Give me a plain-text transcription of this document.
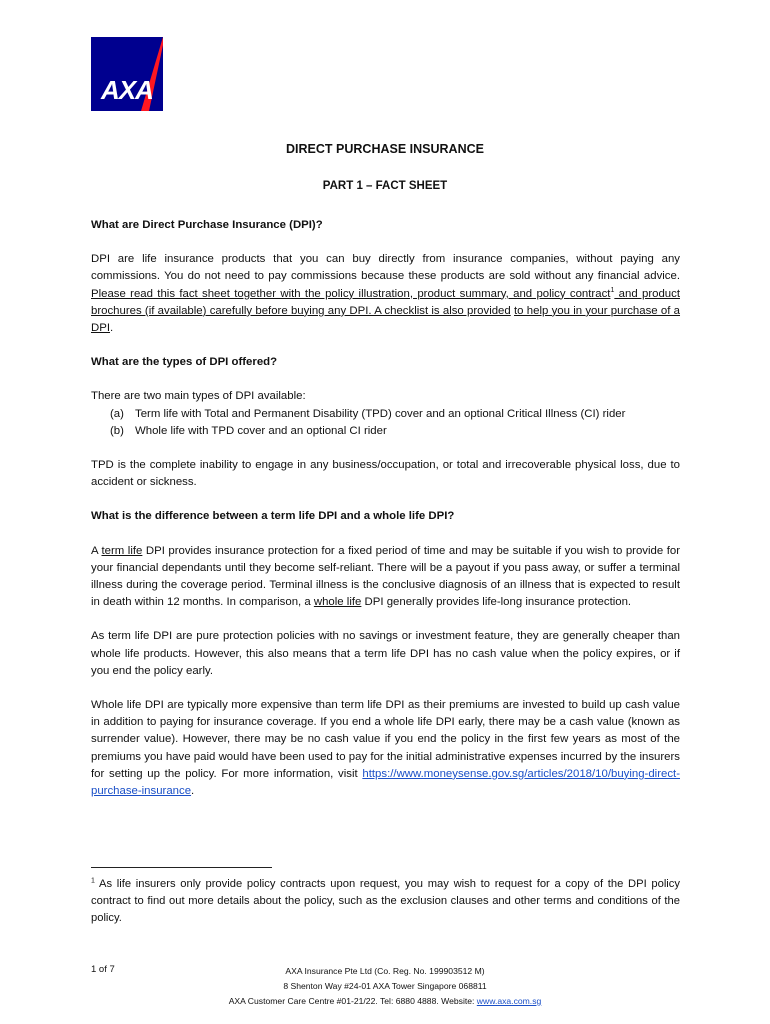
AXA
DIRECT PURCHASE INSURANCE
PART 1 – FACT SHEET
What are Direct Purchase Insurance (DPI)?

DPI are life insurance products that you can buy directly from insurance companies, without paying any commissions. You do not need to pay commissions because these products are sold without any financial advice. Please read this fact sheet together with the policy illustration, product summary, and policy contract$^1$ and product brochures (if available) carefully before buying any DPI. A checklist is also provided to help you in your purchase of a DPI.

What are the types of DPI offered?

There are two main types of DPI available:

(a) Term life with Total and Permanent Disability (TPD) cover and an optional Critical Illness (CI) rider
(b) Whole life with TPD cover and an optional CI rider

TPD is the complete inability to engage in any business/occupation, or total and irrecoverable physical loss, due to accident or sickness.

What is the difference between a term life DPI and a whole life DPI?

A term life DPI provides insurance protection for a fixed period of time and may be suitable if you wish to provide for your financial dependants until they become self-reliant. There will be a payout if you pass away, or suffer a terminal illness during the coverage period. Terminal illness is the conclusive diagnosis of an illness that is expected to result in death within 12 months. In comparison, a whole life DPI generally provides life-long insurance protection.

As term life DPI are pure protection policies with no savings or investment feature, they are generally cheaper than whole life products. However, this also means that a term life DPI has no cash value when the policy expires, or if you end the policy early.

Whole life DPI are typically more expensive than term life DPI as their premiums are invested to build up cash value in addition to paying for insurance coverage. If you end a whole life DPI early, there may be a cash value (known as surrender value). However, there may be no cash value if you end the policy in the first few years as most of the premiums you have paid would have been used to pay for the initial administrative expenses incurred by the insurers for setting up the policy. For more information, visit https://www.moneysense.gov.sg/articles/2018/10/buying-direct-purchase-insurance.

$^1$ As life insurers only provide policy contracts upon request, you may wish to request for a copy of the DPI policy contract to find out more details about the policy, such as the exclusion clauses and other terms and conditions of the policy.

1 of 7	AXA Insurance Pte Ltd (Co. Reg. No. 199903512 M)
8 Shenton Way #24-01 AXA Tower Singapore 068811
AXA Customer Care Centre #01-21/22. Tel: 6880 4888. Website: www.axa.com.sg
